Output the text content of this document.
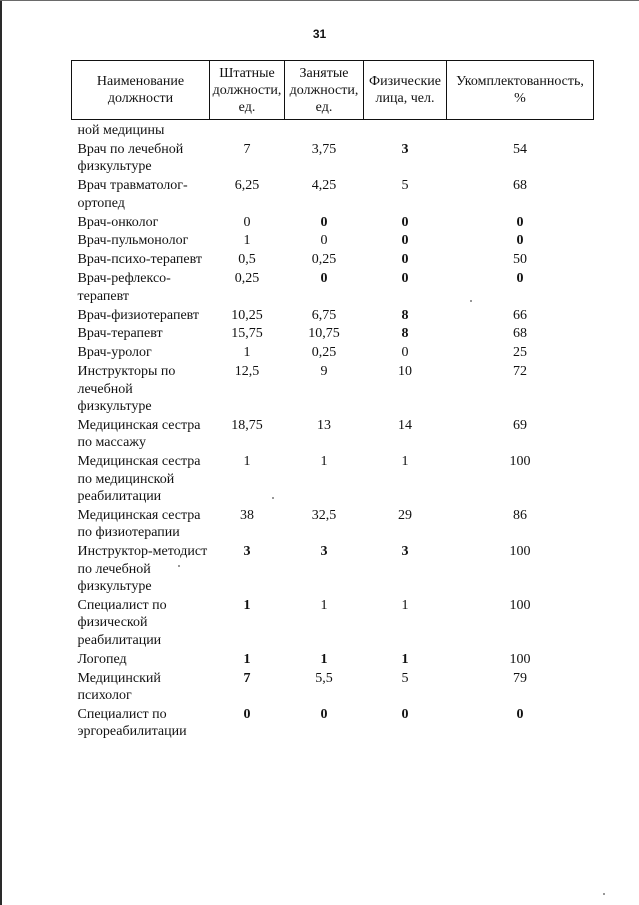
31
Наименование должности	Штатные должности, ед.	Занятые должности, ед.	Физические лица, чел.	Укомплектованность, %
ной медицины				
Врач по лечебной физкультуре	7	3,75	3	54
Врач травматолог-ортопед	6,25	4,25	5	68
Врач-онколог	0	0	0	0
Врач-пульмонолог	1	0	0	0
Врач-психо-терапевт	0,5	0,25	0	50
Врач-рефлексо-терапевт	0,25	0	0	0
Врач-физиотерапевт	10,25	6,75	8	66
Врач-терапевт	15,75	10,75	8	68
Врач-уролог	1	0,25	0	25
Инструкторы по лечебной физкультуре	12,5	9	10	72
Медицинская сестра по массажу	18,75	13	14	69
Медицинская сестра по медицинской реабилитации	1	1	1	100
Медицинская сестра по физиотерапии	38	32,5	29	86
Инструктор-методист по лечебной физкультуре	3	3	3	100
Специалист по физической реабилитации	1	1	1	100
Логопед	1	1	1	100
Медицинский психолог	7	5,5	5	79
Специалист по эргореабилитации	0	0	0	0
